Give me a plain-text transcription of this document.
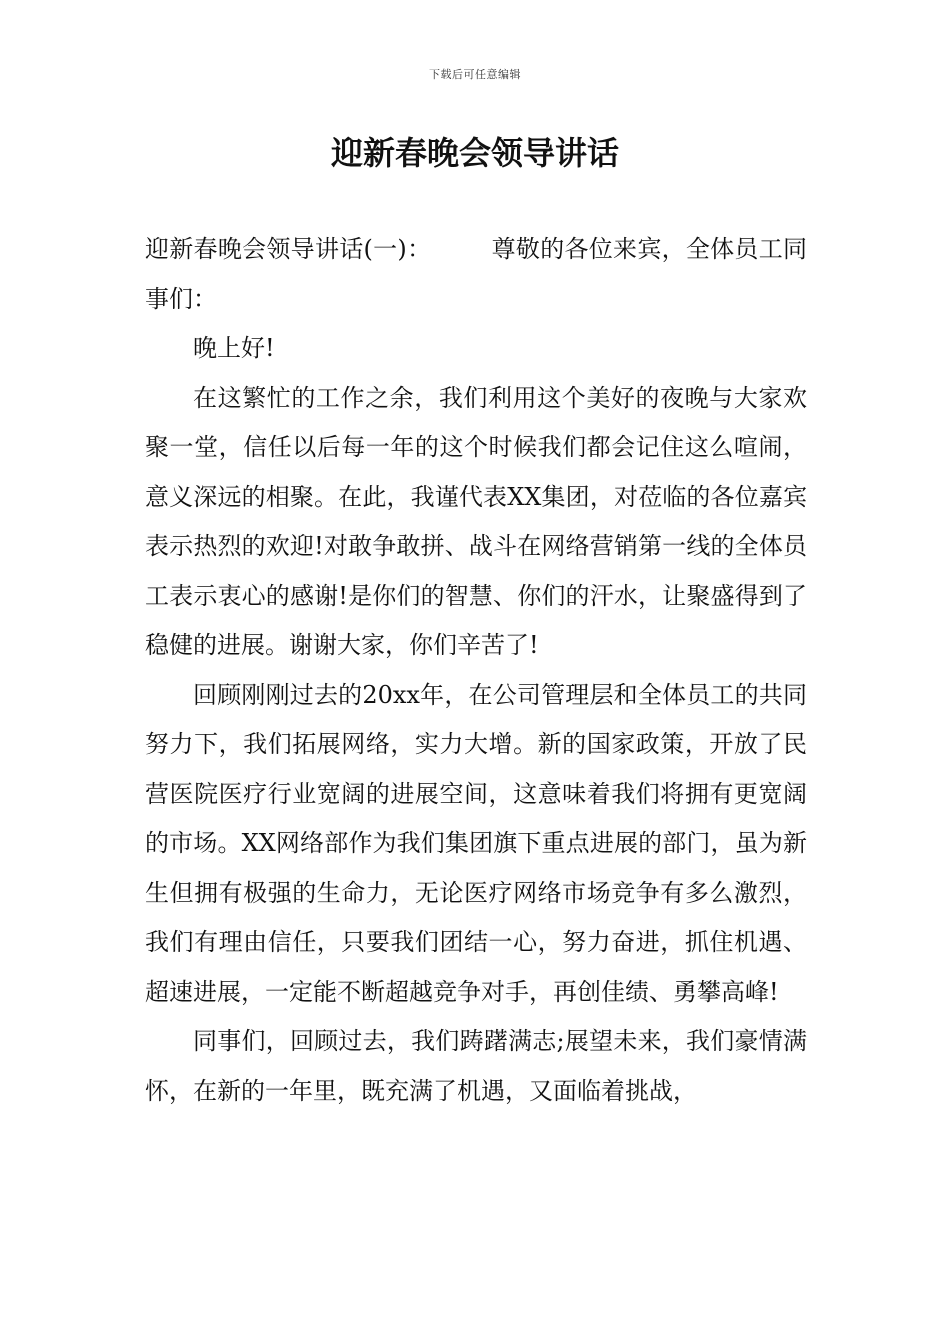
下载后可任意编辑
迎新春晚会领导讲话

迎新春晚会领导讲话(一)：	尊敬的各位来宾，全体员工同事们：

晚上好!

在这繁忙的工作之余，我们利用这个美好的夜晚与大家欢聚一堂，信任以后每一年的这个时候我们都会记住这么喧闹，意义深远的相聚。在此，我谨代表XX集团，对莅临的各位嘉宾表示热烈的欢迎!对敢争敢拼、战斗在网络营销第一线的全体员工表示衷心的感谢!是你们的智慧、你们的汗水，让聚盛得到了稳健的进展。谢谢大家，你们辛苦了!

回顾刚刚过去的20xx年，在公司管理层和全体员工的共同努力下，我们拓展网络，实力大增。新的国家政策，开放了民营医院医疗行业宽阔的进展空间，这意味着我们将拥有更宽阔的市场。XX网络部作为我们集团旗下重点进展的部门，虽为新生但拥有极强的生命力，无论医疗网络市场竞争有多么激烈，我们有理由信任，只要我们团结一心，努力奋进，抓住机遇、超速进展，一定能不断超越竞争对手，再创佳绩、勇攀高峰!

同事们，回顾过去，我们踌躇满志;展望未来，我们豪情满怀，在新的一年里，既充满了机遇，又面临着挑战，
